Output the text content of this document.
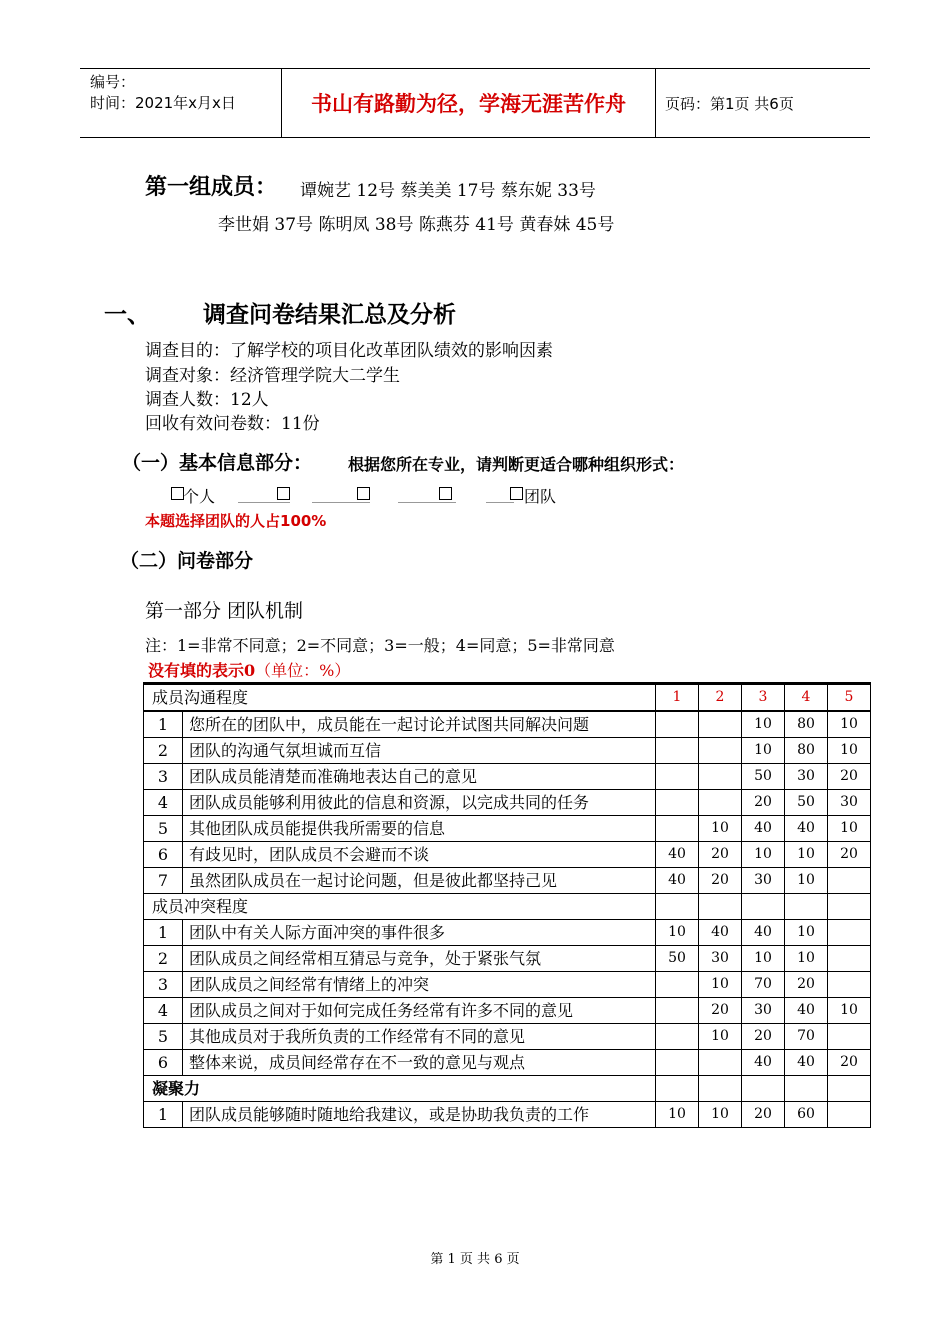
编号：
时间：2021年x月x日	书山有路勤为径，学海无涯苦作舟	页码：第1页 共6页
第一组成员： 谭婉艺 12号 蔡美美 17号 蔡东妮 33号
李世娟 37号 陈明凤 38号 陈燕芬 41号 黄春妹 45号
一、 调查问卷结果汇总及分析
调查目的：了解学校的项目化改革团队绩效的影响因素
调查对象：经济管理学院大二学生
调查人数：12人
回收有效问卷数：11份
（一）基本信息部分： 根据您所在专业，请判断更适合哪种组织形式：
个人	团队
本题选择团队的人占100%
（二）问卷部分
第一部分 团队机制
注：1=非常不同意；2=不同意；3=一般；4=同意；5=非常同意
没有填的表示0（单位：%）
成员沟通程度		1	2	3	4	5
1	您所在的团队中，成员能在一起讨论并试图共同解决问题			10	80	10
2	团队的沟通气氛坦诚而互信			10	80	10
3	团队成员能清楚而准确地表达自己的意见			50	30	20
4	团队成员能够利用彼此的信息和资源，以完成共同的任务			20	50	30
5	其他团队成员能提供我所需要的信息		10	40	40	10
6	有歧见时，团队成员不会避而不谈	40	20	10	10	20
7	虽然团队成员在一起讨论问题，但是彼此都坚持己见	40	20	30	10	
成员冲突程度						
1	团队中有关人际方面冲突的事件很多	10	40	40	10	
2	团队成员之间经常相互猜忌与竞争，处于紧张气氛	50	30	10	10	
3	团队成员之间经常有情绪上的冲突		10	70	20	
4	团队成员之间对于如何完成任务经常有许多不同的意见		20	30	40	10
5	其他成员对于我所负责的工作经常有不同的意见		10	20	70	
6	整体来说，成员间经常存在不一致的意见与观点			40	40	20
凝聚力						
1	团队成员能够随时随地给我建议，或是协助我负责的工作	10	10	20	60	
第 1 页 共 6 页
